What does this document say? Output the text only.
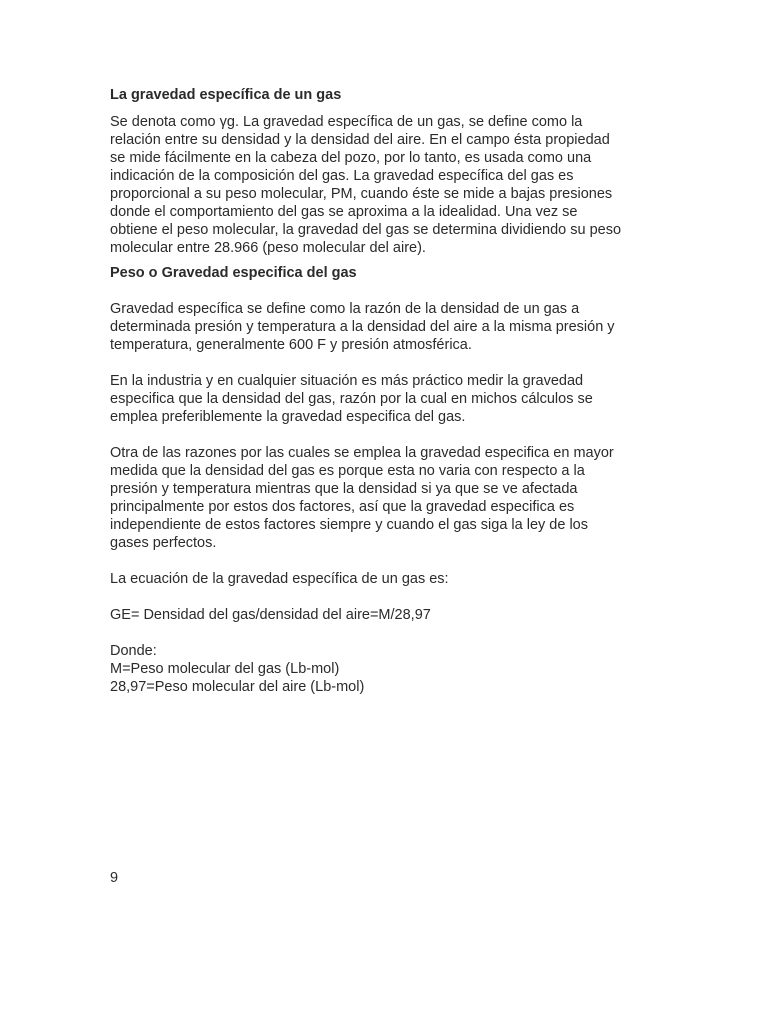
La gravedad específica de un gas

Se denota como γg. La gravedad específica de un gas, se define como la
relación entre su densidad y la densidad del aire. En el campo ésta propiedad
se mide fácilmente en la cabeza del pozo, por lo tanto, es usada como una
indicación de la composición del gas. La gravedad específica del gas es
proporcional a su peso molecular, PM, cuando éste se mide a bajas presiones
donde el comportamiento del gas se aproxima a la idealidad. Una vez se
obtiene el peso molecular, la gravedad del gas se determina dividiendo su peso
molecular entre 28.966 (peso molecular del aire).

Peso o Gravedad especifica del gas

Gravedad específica se define como la razón de la densidad de un gas a
determinada presión y temperatura a la densidad del aire a la misma presión y
temperatura, generalmente 600 F y presión atmosférica.

En la industria y en cualquier situación es más práctico medir la gravedad
especifica que la densidad del gas, razón por la cual en michos cálculos se
emplea preferiblemente la gravedad especifica del gas.

Otra de las razones por las cuales se emplea la gravedad especifica en mayor
medida que la densidad del gas es porque esta no varia con respecto a la
presión y temperatura mientras que la densidad si ya que se ve afectada
principalmente por estos dos factores, así que la gravedad especifica es
independiente de estos factores siempre y cuando el gas siga la ley de los
gases perfectos.

La ecuación de la gravedad específica de un gas es:

GE= Densidad del gas/densidad del aire=M/28,97

Donde:
M=Peso molecular del gas (Lb-mol)
28,97=Peso molecular del aire (Lb-mol)

9
